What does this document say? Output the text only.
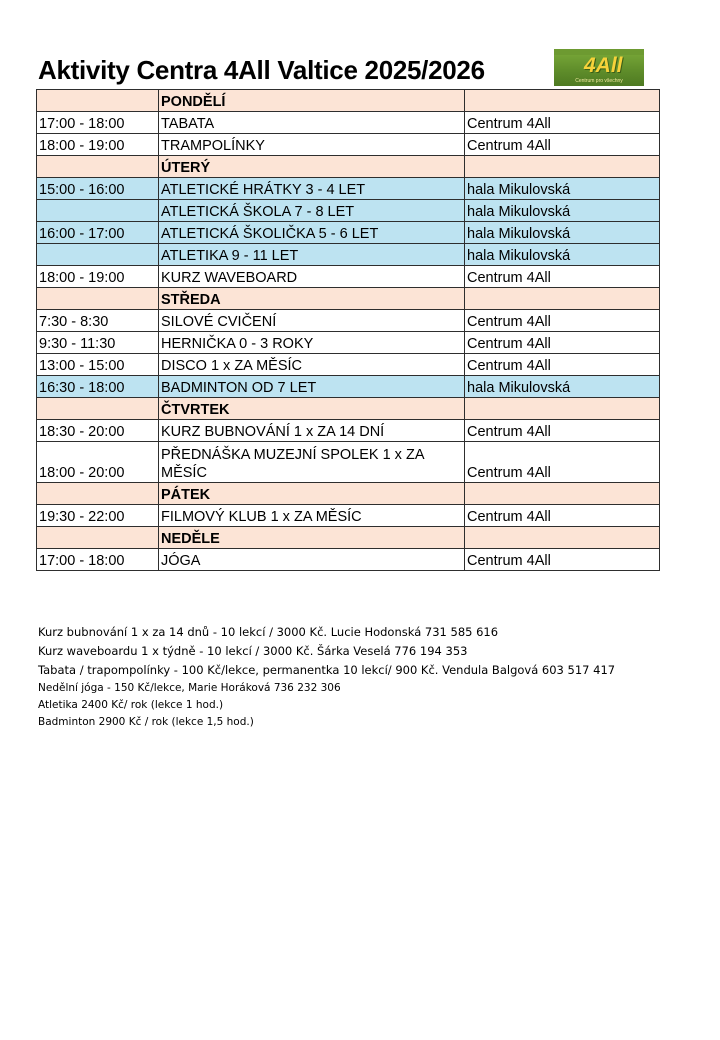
Aktivity Centra 4All Valtice 2025/2026	4All
Centrum pro všechny
	PONDĚLÍ	
17:00 - 18:00	TABATA	Centrum 4All
18:00 - 19:00	TRAMPOLÍNKY	Centrum 4All
	ÚTERÝ	
15:00 - 16:00	ATLETICKÉ HRÁTKY 3 - 4 LET	hala Mikulovská
	ATLETICKÁ ŠKOLA 7 - 8 LET	hala Mikulovská
16:00 - 17:00	ATLETICKÁ ŠKOLIČKA 5 - 6 LET	hala Mikulovská
	ATLETIKA 9 - 11 LET	hala Mikulovská
18:00 - 19:00	KURZ WAVEBOARD	Centrum 4All
	STŘEDA	
7:30 - 8:30	SILOVÉ CVIČENÍ	Centrum 4All
9:30 - 11:30	HERNIČKA 0 - 3 ROKY	Centrum 4All
13:00 - 15:00	DISCO 1 x ZA MĚSÍC	Centrum 4All
16:30 - 18:00	BADMINTON OD 7 LET	hala Mikulovská
	ČTVRTEK	
18:30 - 20:00	KURZ BUBNOVÁNÍ 1 x ZA 14 DNÍ	Centrum 4All
18:00 - 20:00	PŘEDNÁŠKA MUZEJNÍ SPOLEK 1 x ZA MĚSÍC	Centrum 4All
	PÁTEK	
19:30 - 22:00	FILMOVÝ KLUB 1 x ZA MĚSÍC	Centrum 4All
	NEDĚLE	
17:00 - 18:00	JÓGA	Centrum 4All
Kurz bubnování 1 x za 14 dnů - 10 lekcí / 3000 Kč. Lucie Hodonská 731 585 616
Kurz waveboardu 1 x týdně - 10 lekcí / 3000 Kč. Šárka Veselá 776 194 353
Tabata / trapompolínky - 100 Kč/lekce, permanentka 10 lekcí/ 900 Kč. Vendula Balgová 603 517 417
Nedělní jóga - 150 Kč/lekce, Marie Horáková 736 232 306
Atletika 2400 Kč/ rok (lekce 1 hod.)
Badminton 2900 Kč / rok (lekce 1,5 hod.)
